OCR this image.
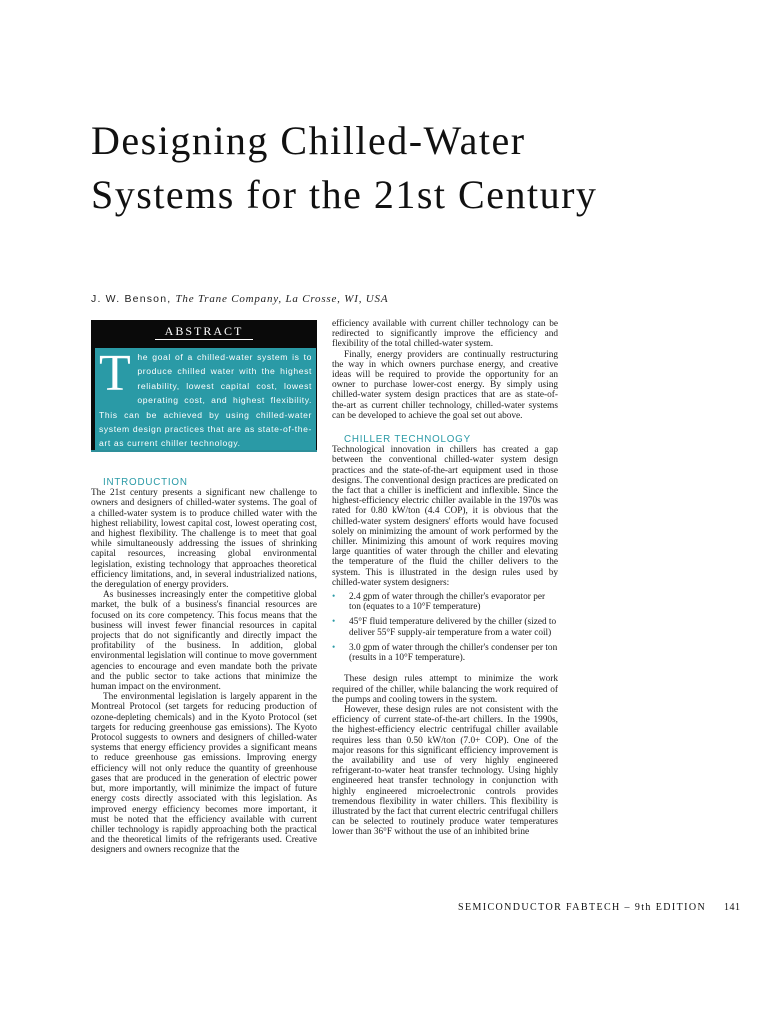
Designing Chilled-Water
Systems for the 21st Century
J. W. Benson, The Trane Company, La Crosse, WI, USA
ABSTRACT
T he goal of a chilled-water system is to produce chilled water with the highest reliability, lowest capital cost, lowest operating cost, and highest flexibility. This can be achieved by using chilled-water system design practices that are as state-of-the-art as current chiller technology.

INTRODUCTION

The 21st century presents a significant new challenge to owners and designers of chilled-water systems. The goal of a chilled-water system is to produce chilled water with the highest reliability, lowest capital cost, lowest operating cost, and highest flexibility. The challenge is to meet that goal while simultaneously addressing the issues of shrinking capital resources, increasing global environmental legislation, existing technology that approaches theoretical efficiency limitations, and, in several industrialized nations, the deregulation of energy providers.

As businesses increasingly enter the competitive global market, the bulk of a business's financial resources are focused on its core competency. This focus means that the business will invest fewer financial resources in capital projects that do not significantly and directly impact the profitability of the business. In addition, global environmental legislation will continue to move government agencies to encourage and even mandate both the private and the public sector to take actions that minimize the human impact on the environment.

The environmental legislation is largely apparent in the Montreal Protocol (set targets for reducing production of ozone-depleting chemicals) and in the Kyoto Protocol (set targets for reducing greenhouse gas emissions). The Kyoto Protocol suggests to owners and designers of chilled-water systems that energy efficiency provides a significant means to reduce greenhouse gas emissions. Improving energy efficiency will not only reduce the quantity of greenhouse gases that are produced in the generation of electric power but, more importantly, will minimize the impact of future energy costs directly associated with this legislation. As improved energy efficiency becomes more important, it must be noted that the efficiency available with current chiller technology is rapidly approaching both the practical and the theoretical limits of the refrigerants used. Creative designers and owners recognize that the

efficiency available with current chiller technology can be redirected to significantly improve the efficiency and flexibility of the total chilled-water system.

Finally, energy providers are continually restructuring the way in which owners purchase energy, and creative ideas will be required to provide the opportunity for an owner to purchase lower-cost energy. By simply using chilled-water system design practices that are as state-of-the-art as current chiller technology, chilled-water systems can be developed to achieve the goal set out above.

CHILLER TECHNOLOGY

Technological innovation in chillers has created a gap between the conventional chilled-water system design practices and the state-of-the-art equipment used in those designs. The conventional design practices are predicated on the fact that a chiller is inefficient and inflexible. Since the highest-efficiency electric chiller available in the 1970s was rated for 0.80 kW/ton (4.4 COP), it is obvious that the chilled-water system designers' efforts would have focused solely on minimizing the amount of work performed by the chiller. Minimizing this amount of work requires moving large quantities of water through the chiller and elevating the temperature of the fluid the chiller delivers to the system. This is illustrated in the design rules used by chilled-water system designers:

• 2.4 gpm of water through the chiller's evaporator per ton (equates to a 10°F temperature)
• 45°F fluid temperature delivered by the chiller (sized to deliver 55°F supply-air temperature from a water coil)
• 3.0 gpm of water through the chiller's condenser per ton (results in a 10°F temperature).

These design rules attempt to minimize the work required of the chiller, while balancing the work required of the pumps and cooling towers in the system.

However, these design rules are not consistent with the efficiency of current state-of-the-art chillers. In the 1990s, the highest-efficiency electric centrifugal chiller available requires less than 0.50 kW/ton (7.0+ COP). One of the major reasons for this significant efficiency improvement is the availability and use of very highly engineered refrigerant-to-water heat transfer technology. Using highly engineered heat transfer technology in conjunction with highly engineered microelectronic controls provides tremendous flexibility in water chillers. This flexibility is illustrated by the fact that current electric centrifugal chillers can be selected to routinely produce water temperatures lower than 36°F without the use of an inhibited brine

SEMICONDUCTOR FABTECH – 9th EDITION 141
